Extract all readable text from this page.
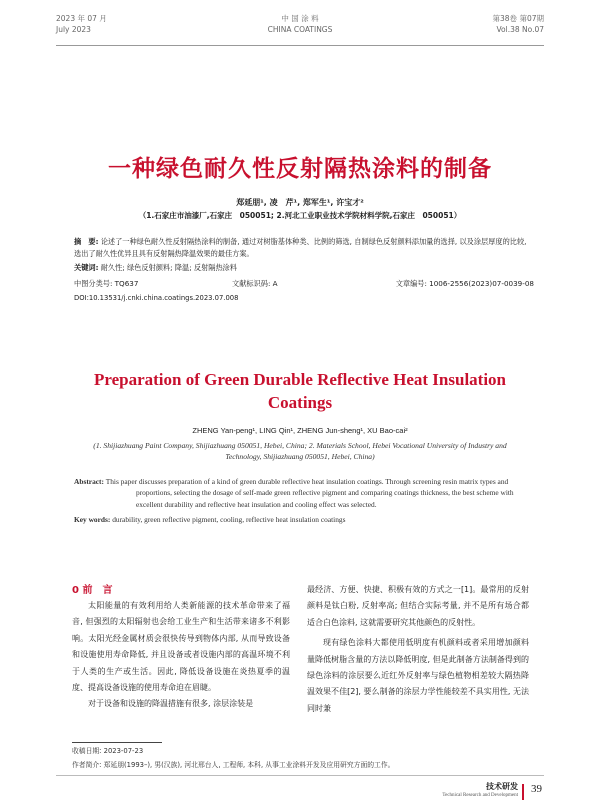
2023 年 07 月
July 2023
中 国 涂 料
CHINA COATINGS
第38卷 第07期
Vol.38 No.07
一种绿色耐久性反射隔热涂料的制备
郑延朋¹, 凌　芹¹, 郑军生¹, 许宝才²
（1.石家庄市油漆厂,石家庄　050051; 2.河北工业职业技术学院材料学院,石家庄　050051）
摘　要: 论述了一种绿色耐久性反射隔热涂料的制备, 通过对树脂基体种类、比例的筛选, 自制绿色反射颜料添加量的选择, 以及涂层厚度的比较, 选出了耐久性优异且具有反射隔热降温效果的最佳方案。
关键词: 耐久性; 绿色反射颜料; 降温; 反射隔热涂料
中图分类号: TQ637	文献标识码: A	文章编号: 1006-2556(2023)07-0039-08
DOI:10.13531/j.cnki.china.coatings.2023.07.008
Preparation of Green Durable Reflective Heat Insulation Coatings
ZHENG Yan-peng¹, LING Qin¹, ZHENG Jun-sheng¹, XU Bao-cai²
(1. Shijiazhuang Paint Company, Shijiazhuang 050051, Hebei, China; 2. Materials School, Hebei Vocational University of Industry and Technology, Shijiazhuang 050051, Hebei, China)
Abstract: This paper discusses preparation of a kind of green durable reflective heat insulation coatings. Through screening resin matrix types and proportions, selecting the dosage of self-made green reflective pigment and comparing coatings thickness, the best scheme with excellent durability and reflective heat insulation and cooling effect was selected.
Key words: durability, green reflective pigment, cooling, reflective heat insulation coatings
0 前　言

太阳能量的有效利用给人类新能源的技术革命带来了福音, 但强烈的太阳辐射也会给工业生产和生活带来诸多不利影响。太阳光经金属材质会很快传导到物体内部, 从而导致设备和设施使用寿命降低, 并且设备或者设施内部的高温环境不利于人类的生产或生活。因此, 降低设备设施在炎热夏季的温度、提高设备设施的使用寿命迫在眉睫。

对于设备和设施的降温措施有很多, 涂层涂装是

最经济、方便、快捷、积极有效的方式之一[1]。最常用的反射颜料是钛白粉, 反射率高; 但结合实际考量, 并不是所有场合都适合白色涂料, 这就需要研究其他颜色的反射性。

现有绿色涂料大都使用低明度有机颜料或者采用增加颜料量降低树脂含量的方法以降低明度, 但是此制备方法制备得到的绿色涂料的涂层要么近红外反射率与绿色植物相差较大隔热降温效果不佳[2], 要么制备的涂层力学性能较差不具实用性, 无法同时兼

收稿日期: 2023-07-23
作者简介: 郑延朋(1993–), 男(汉族), 河北邢台人, 工程师, 本科, 从事工业涂料开发及应用研究方面的工作。
技术研发
Technical Research and Development
39
